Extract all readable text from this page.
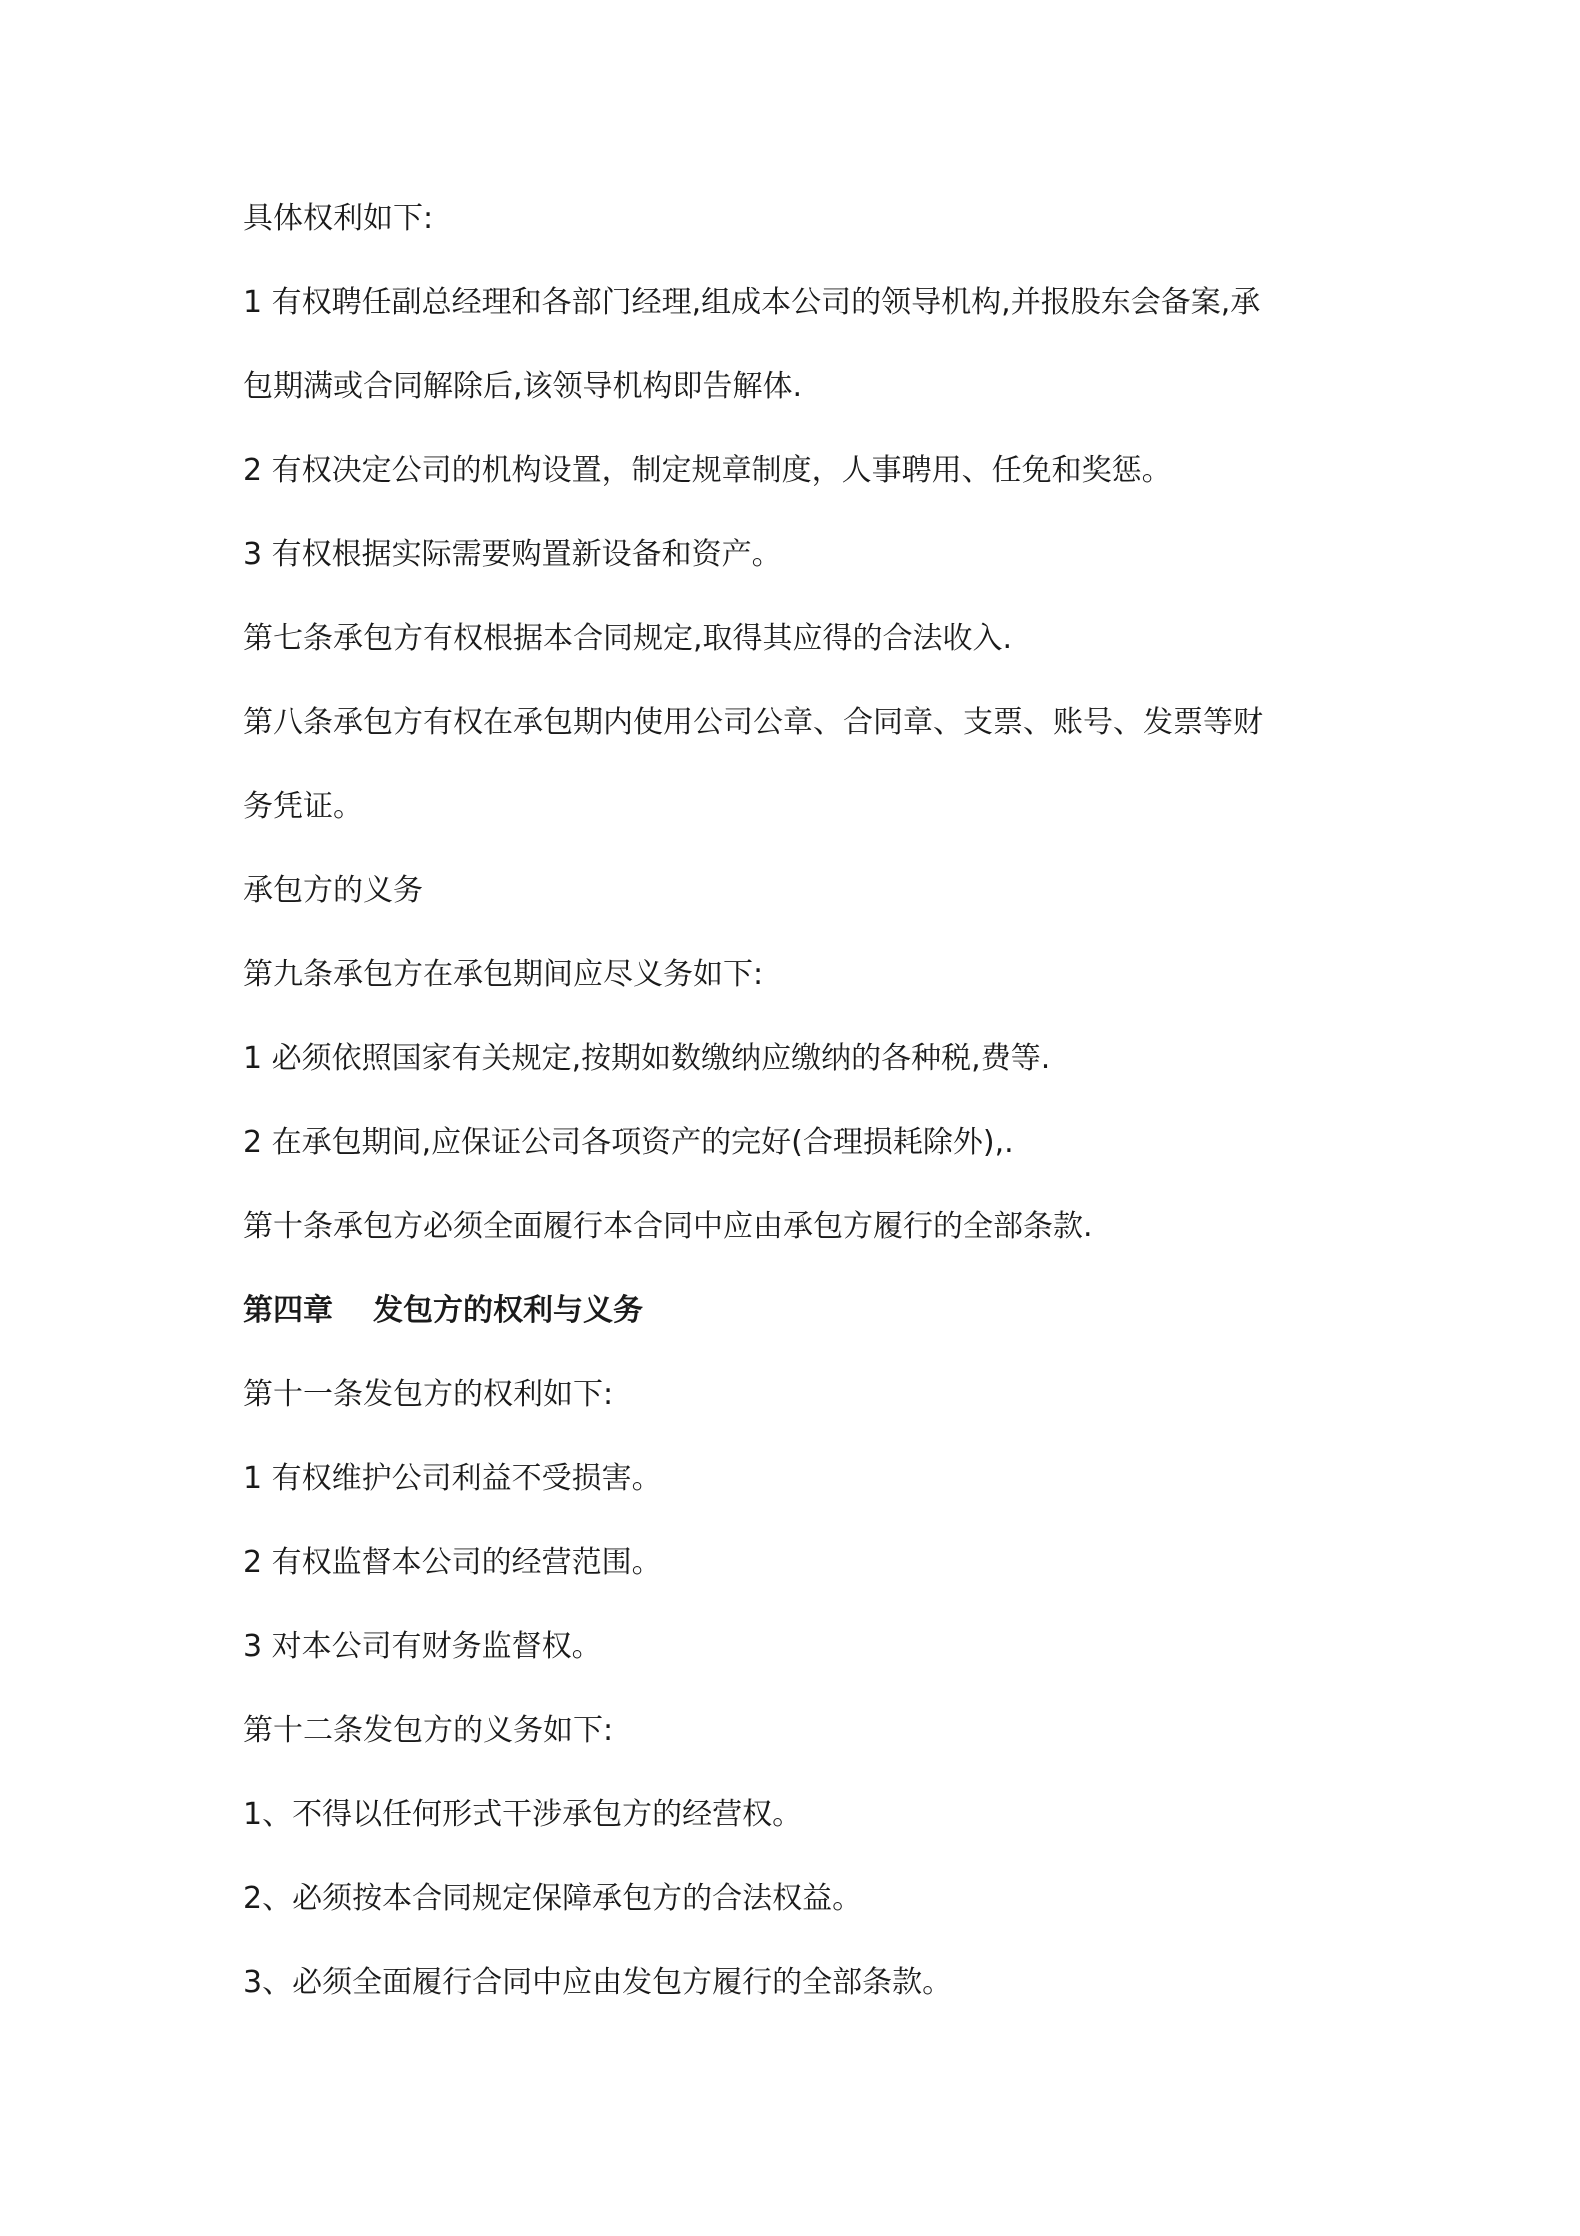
具体权利如下:

1 有权聘任副总经理和各部门经理,组成本公司的领导机构,并报股东会备案,承

包期满或合同解除后,该领导机构即告解体.

2 有权决定公司的机构设置，制定规章制度，人事聘用、任免和奖惩。

3 有权根据实际需要购置新设备和资产。

第七条承包方有权根据本合同规定,取得其应得的合法收入.

第八条承包方有权在承包期内使用公司公章、合同章、支票、账号、发票等财

务凭证。

承包方的义务

第九条承包方在承包期间应尽义务如下:

1 必须依照国家有关规定,按期如数缴纳应缴纳的各种税,费等.

2 在承包期间,应保证公司各项资产的完好(合理损耗除外),.

第十条承包方必须全面履行本合同中应由承包方履行的全部条款.

第四章 发包方的权利与义务

第十一条发包方的权利如下:

1 有权维护公司利益不受损害。

2 有权监督本公司的经营范围。

3 对本公司有财务监督权。

第十二条发包方的义务如下:

1、不得以任何形式干涉承包方的经营权。

2、必须按本合同规定保障承包方的合法权益。

3、必须全面履行合同中应由发包方履行的全部条款。
